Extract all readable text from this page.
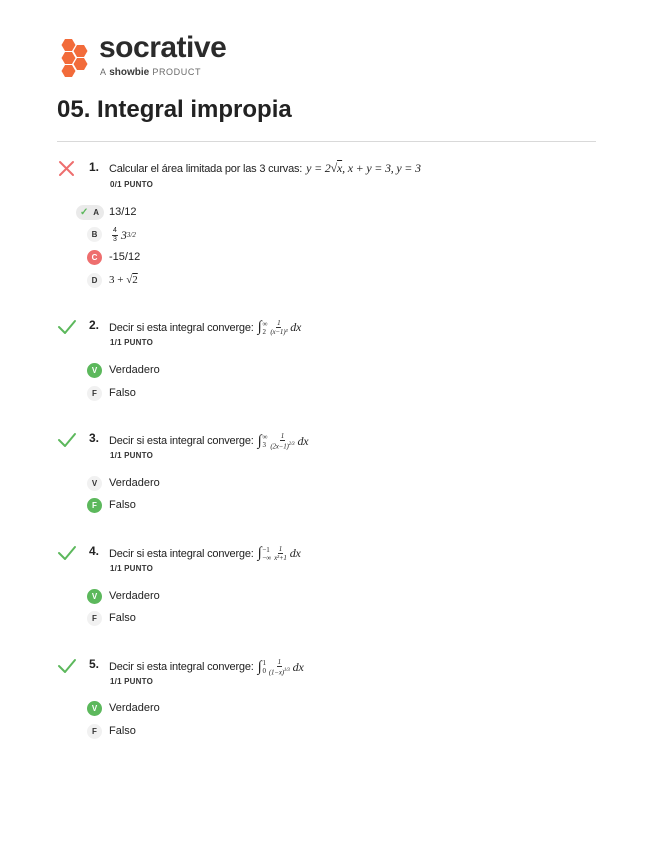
socrative
A showbie PRODUCT
05. Integral impropia
1. Calcular el área limitada por las 3 curvas: y = 2√ x , x + y = 3, y = 3
0/1 PUNTO
✓ A 13/12
B	$\frac{4}{3} 3$ 3/2
C	-15/12
D	3 + √ 2
2. Decir si esta integral converge: ∫ ∞
$2 \frac{1}{\text{(x−1)³}}$ dx
1/1 PUNTO
V	Verdadero
F	Falso
3. Decir si esta integral converge: ∫ ∞
$3 \frac{1}{(2x-1)^{2/3}}$ dx
1/1 PUNTO
V	Verdadero
F	Falso
4. Decir si esta integral converge: ∫ −1
−∞ $\frac{1}{\text{x²+1}}$ dx
1/1 PUNTO
V	Verdadero
F	Falso
5. Decir si esta integral converge: ∫ 1
$0 \frac{1}{(1-x)^{1/3}}$ dx
1/1 PUNTO
V	Verdadero
F	Falso
